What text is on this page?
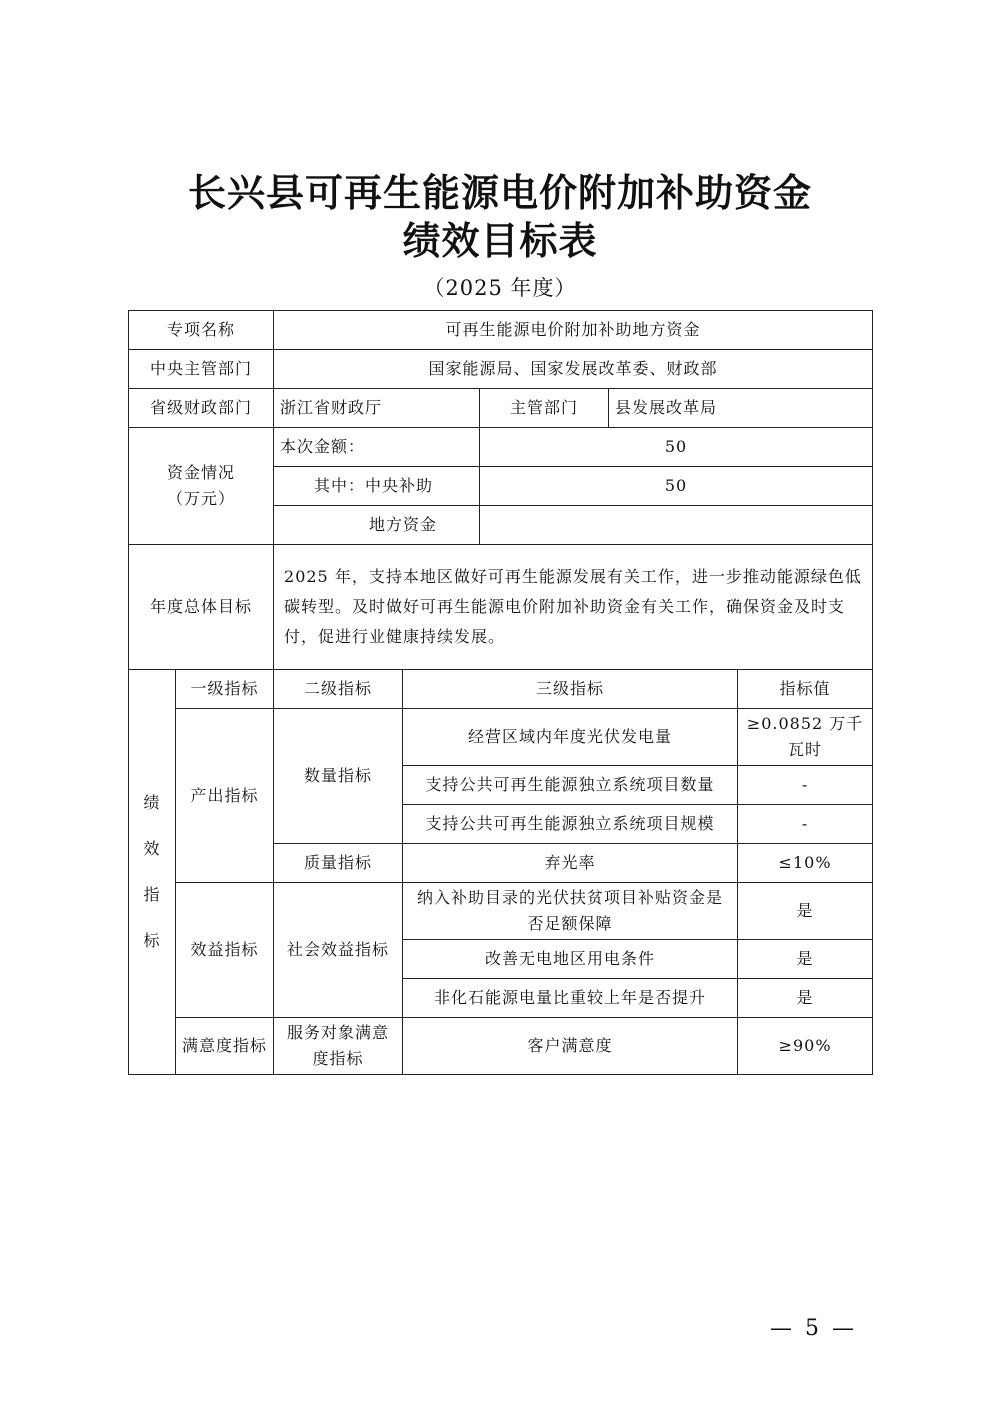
长兴县可再生能源电价附加补助资金
绩效目标表
（2025 年度）
专项名称		可再生能源电价附加补助地方资金				
中央主管部门		国家能源局、国家发展改革委、财政部				
省级财政部门		浙江省财政厅		主管部门	县发展改革局	

资金情况
（万元）		本次金额：		50		
		其中：中央补助		50		
		地方资金				
年度总体目标		2025 年，支持本地区做好可再生能源发展有关工作，进一步推动能源绿色低碳转型。及时做好可再生能源电价附加补助资金有关工作，确保资金及时支付，促进行业健康持续发展。				

绩
效
指
标	一级指标	二级指标	三级指标			指标值
	产出指标	数量指标	经营区域内年度光伏发电量			≥0.0852 万千瓦时
			支持公共可再生能源独立系统项目数量			-
			支持公共可再生能源独立系统项目规模			-
		质量指标	弃光率			≤10%
	效益指标	社会效益指标	纳入补助目录的光伏扶贫项目补贴资金是否足额保障			是
			改善无电地区用电条件			是
			非化石能源电量比重较上年是否提升			是
	满意度指标	服务对象满意度指标	客户满意度			≥90%
— 5 —
